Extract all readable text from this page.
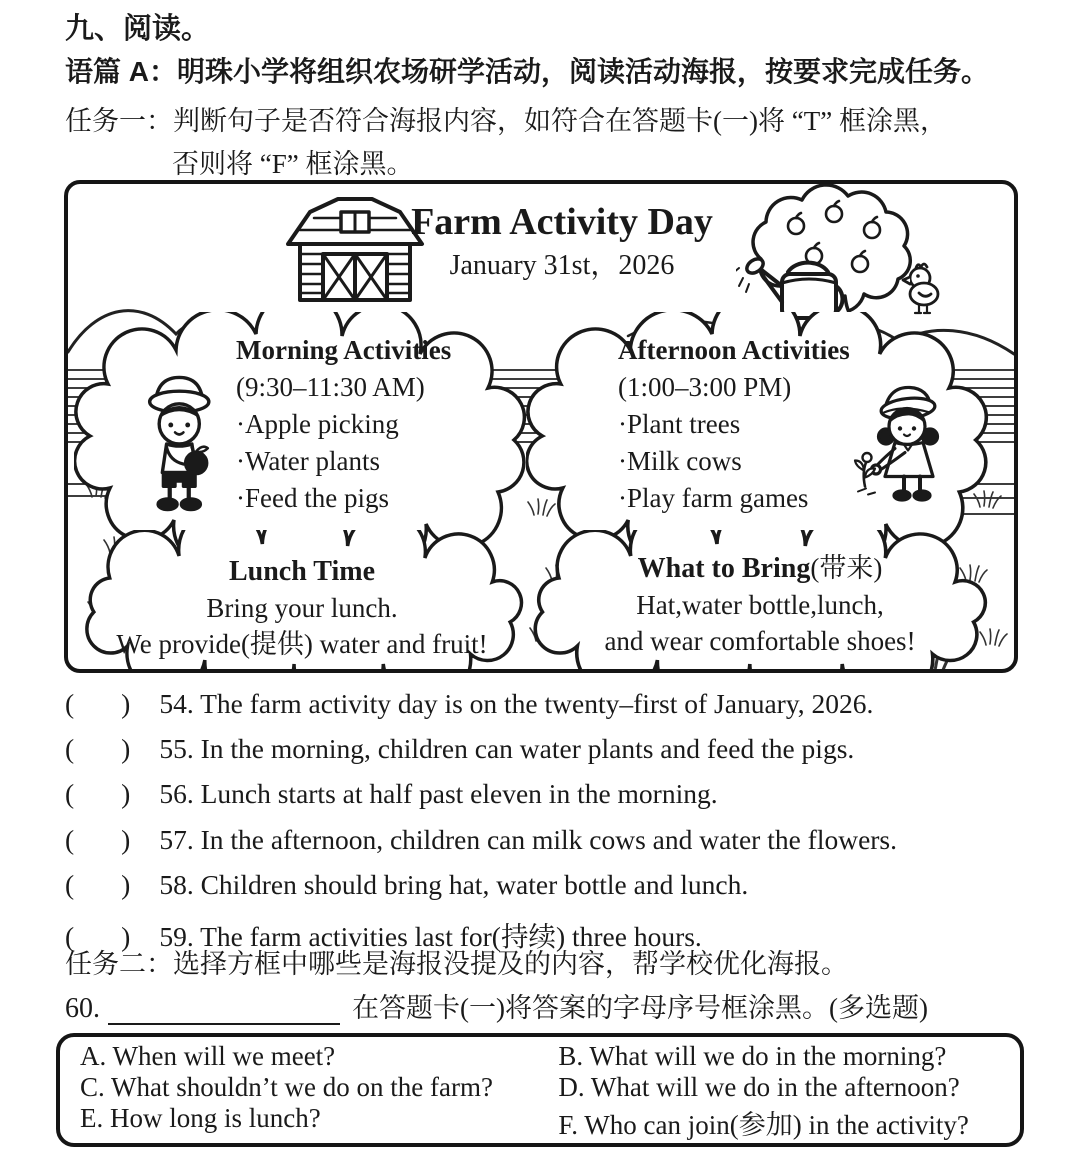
九、阅读。
语篇 A：明珠小学将组织农场研学活动，阅读活动海报，按要求完成任务。
任务一：判断句子是否符合海报内容，如符合在答题卡(一)将 “T” 框涂黑，
否则将 “F” 框涂黑。
Farm Activity Day
January 31st，2026
Morning Activities
(9:30–11:30 AM)
·Apple picking
·Water plants
·Feed the pigs
Afternoon Activities
(1:00–3:00 PM)
·Plant trees
·Milk cows
·Play farm games
Lunch Time
Bring your lunch.
We provide(提供) water and fruit!
What to Bring(带来)
Hat,water bottle,lunch,
and wear comfortable shoes!
( ) 54. The farm activity day is on the twenty–first of January, 2026.
( ) 55. In the morning, children can water plants and feed the pigs.
( ) 56. Lunch starts at half past eleven in the morning.
( ) 57. In the afternoon, children can milk cows and water the flowers.
( ) 58. Children should bring hat, water bottle and lunch.
( ) 59. The farm activities last for(持续) three hours.
任务二：选择方框中哪些是海报没提及的内容，帮学校优化海报。
60.	在答题卡(一)将答案的字母序号框涂黑。(多选题)
A. When will we meet?	B. What will we do in the morning?
C. What shouldn’t we do on the farm?	D. What will we do in the afternoon?
E. How long is lunch?	F. Who can join(参加) in the activity?
